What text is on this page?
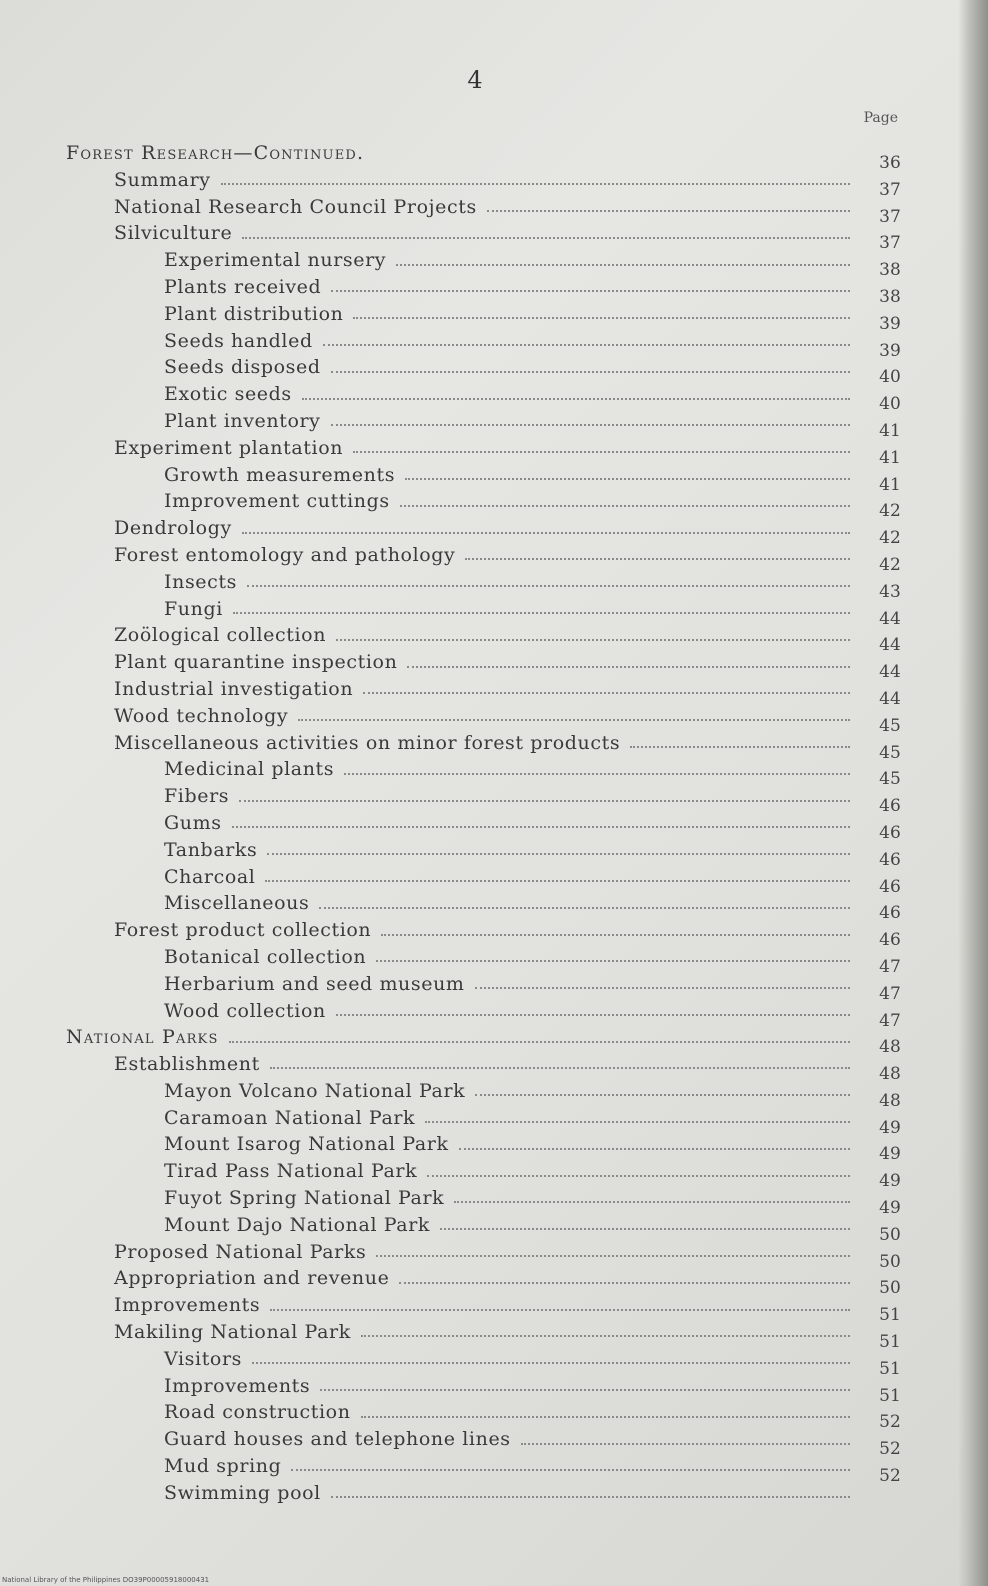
4
Page
Forest Research—Continued.
Summary
National Research Council Projects
Silviculture
Experimental nursery
Plants received
Plant distribution
Seeds handled
Seeds disposed
Exotic seeds
Plant inventory
Experiment plantation
Growth measurements
Improvement cuttings
Dendrology
Forest entomology and pathology
Insects
Fungi
Zoölogical collection
Plant quarantine inspection
Industrial investigation
Wood technology
Miscellaneous activities on minor forest products
Medicinal plants
Fibers
Gums
Tanbarks
Charcoal
Miscellaneous
Forest product collection
Botanical collection
Herbarium and seed museum
Wood collection
National Parks
Establishment
Mayon Volcano National Park
Caramoan National Park
Mount Isarog National Park
Tirad Pass National Park
Fuyot Spring National Park
Mount Dajo National Park
Proposed National Parks
Appropriation and revenue
Improvements
Makiling National Park
Visitors
Improvements
Road construction
Guard houses and telephone lines
Mud spring
Swimming pool
36
37
37
37
38
38
39
39
40
40
41
41
41
42
42
42
43
44
44
44
44
45
45
45
46
46
46
46
46
46
47
47
47
48
48
48
49
49
49
49
50
50
50
51
51
51
51
52
52
52
National Library of the Philippines DO39P00005918000431
